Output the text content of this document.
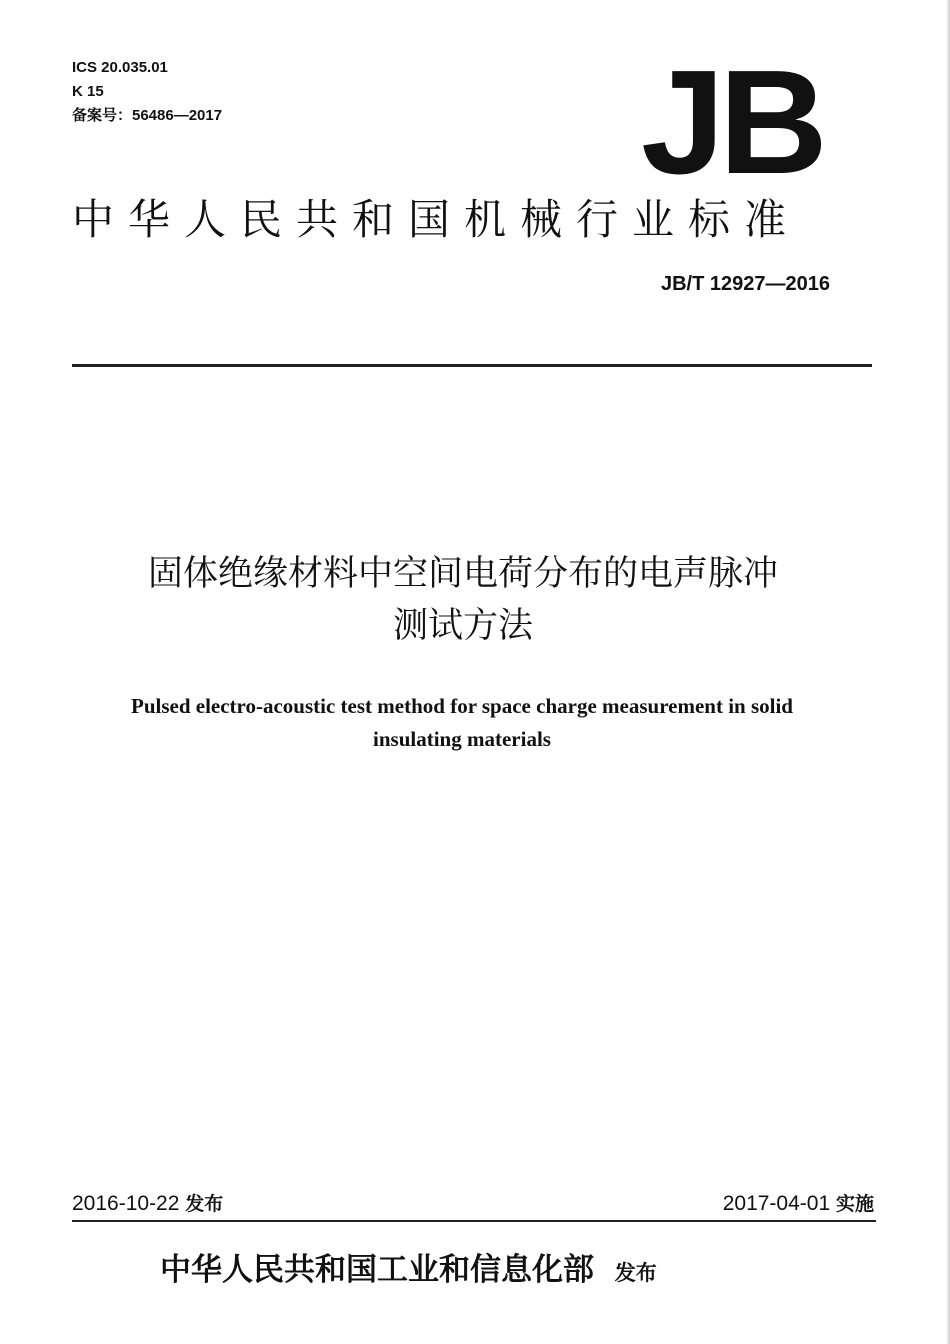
ICS 20.035.01
K 15
备案号：56486—2017	JB
中华人民共和国机械行业标准
JB/T 12927—2016
固体绝缘材料中空间电荷分布的电声脉冲
测试方法
Pulsed electro-acoustic test method for space charge measurement in solid
insulating materials
2016-10-22 发布	2017-04-01 实施
中华人民共和国工业和信息化部 发布
